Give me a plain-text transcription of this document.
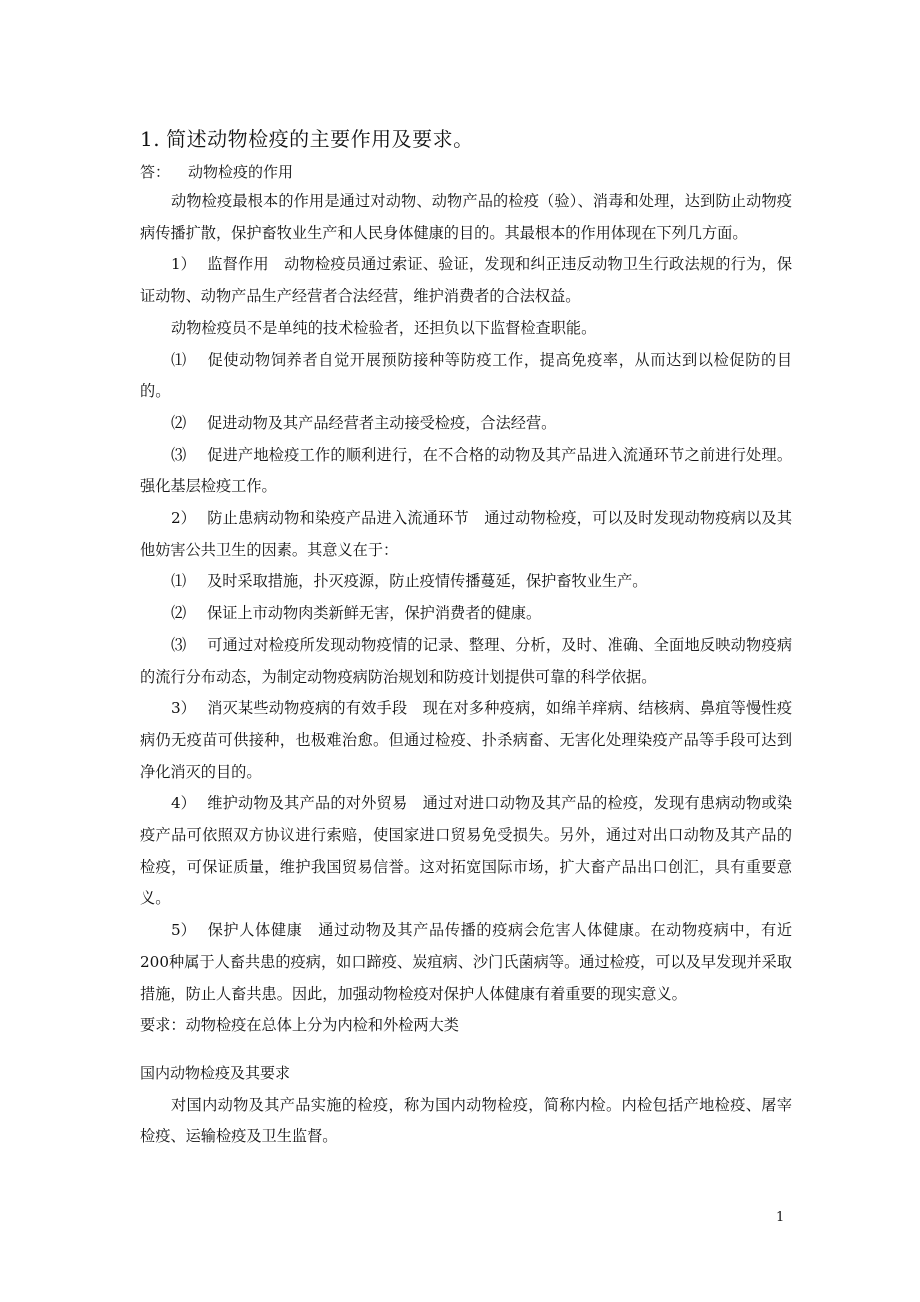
1. 简述动物检疫的主要作用及要求。
答： 动物检疫的作用

动物检疫最根本的作用是通过对动物、动物产品的检疫（验）、消毒和处理，达到防止动物疫病传播扩散，保护畜牧业生产和人民身体健康的目的。其最根本的作用体现在下列几方面。

1） 监督作用　动物检疫员通过索证、验证，发现和纠正违反动物卫生行政法规的行为，保证动物、动物产品生产经营者合法经营，维护消费者的合法权益。

动物检疫员不是单纯的技术检验者，还担负以下监督检查职能。

⑴ 促使动物饲养者自觉开展预防接种等防疫工作，提高免疫率，从而达到以检促防的目的。

⑵ 促进动物及其产品经营者主动接受检疫，合法经营。

⑶ 促进产地检疫工作的顺利进行，在不合格的动物及其产品进入流通环节之前进行处理。强化基层检疫工作。

2） 防止患病动物和染疫产品进入流通环节　通过动物检疫，可以及时发现动物疫病以及其他妨害公共卫生的因素。其意义在于：

⑴ 及时采取措施，扑灭疫源，防止疫情传播蔓延，保护畜牧业生产。

⑵ 保证上市动物肉类新鲜无害，保护消费者的健康。

⑶ 可通过对检疫所发现动物疫情的记录、整理、分析，及时、准确、全面地反映动物疫病的流行分布动态，为制定动物疫病防治规划和防疫计划提供可靠的科学依据。

3） 消灭某些动物疫病的有效手段　现在对多种疫病，如绵羊痒病、结核病、鼻疽等慢性疫病仍无疫苗可供接种，也极难治愈。但通过检疫、扑杀病畜、无害化处理染疫产品等手段可达到净化消灭的目的。

4） 维护动物及其产品的对外贸易　通过对进口动物及其产品的检疫，发现有患病动物或染疫产品可依照双方协议进行索赔，使国家进口贸易免受损失。另外，通过对出口动物及其产品的检疫，可保证质量，维护我国贸易信誉。这对拓宽国际市场，扩大畜产品出口创汇，具有重要意义。

5） 保护人体健康　通过动物及其产品传播的疫病会危害人体健康。在动物疫病中，有近200种属于人畜共患的疫病，如口蹄疫、炭疽病、沙门氏菌病等。通过检疫，可以及早发现并采取措施，防止人畜共患。因此，加强动物检疫对保护人体健康有着重要的现实意义。

要求：动物检疫在总体上分为内检和外检两大类

国内动物检疫及其要求

对国内动物及其产品实施的检疫，称为国内动物检疫，简称内检。内检包括产地检疫、屠宰检疫、运输检疫及卫生监督。

1
